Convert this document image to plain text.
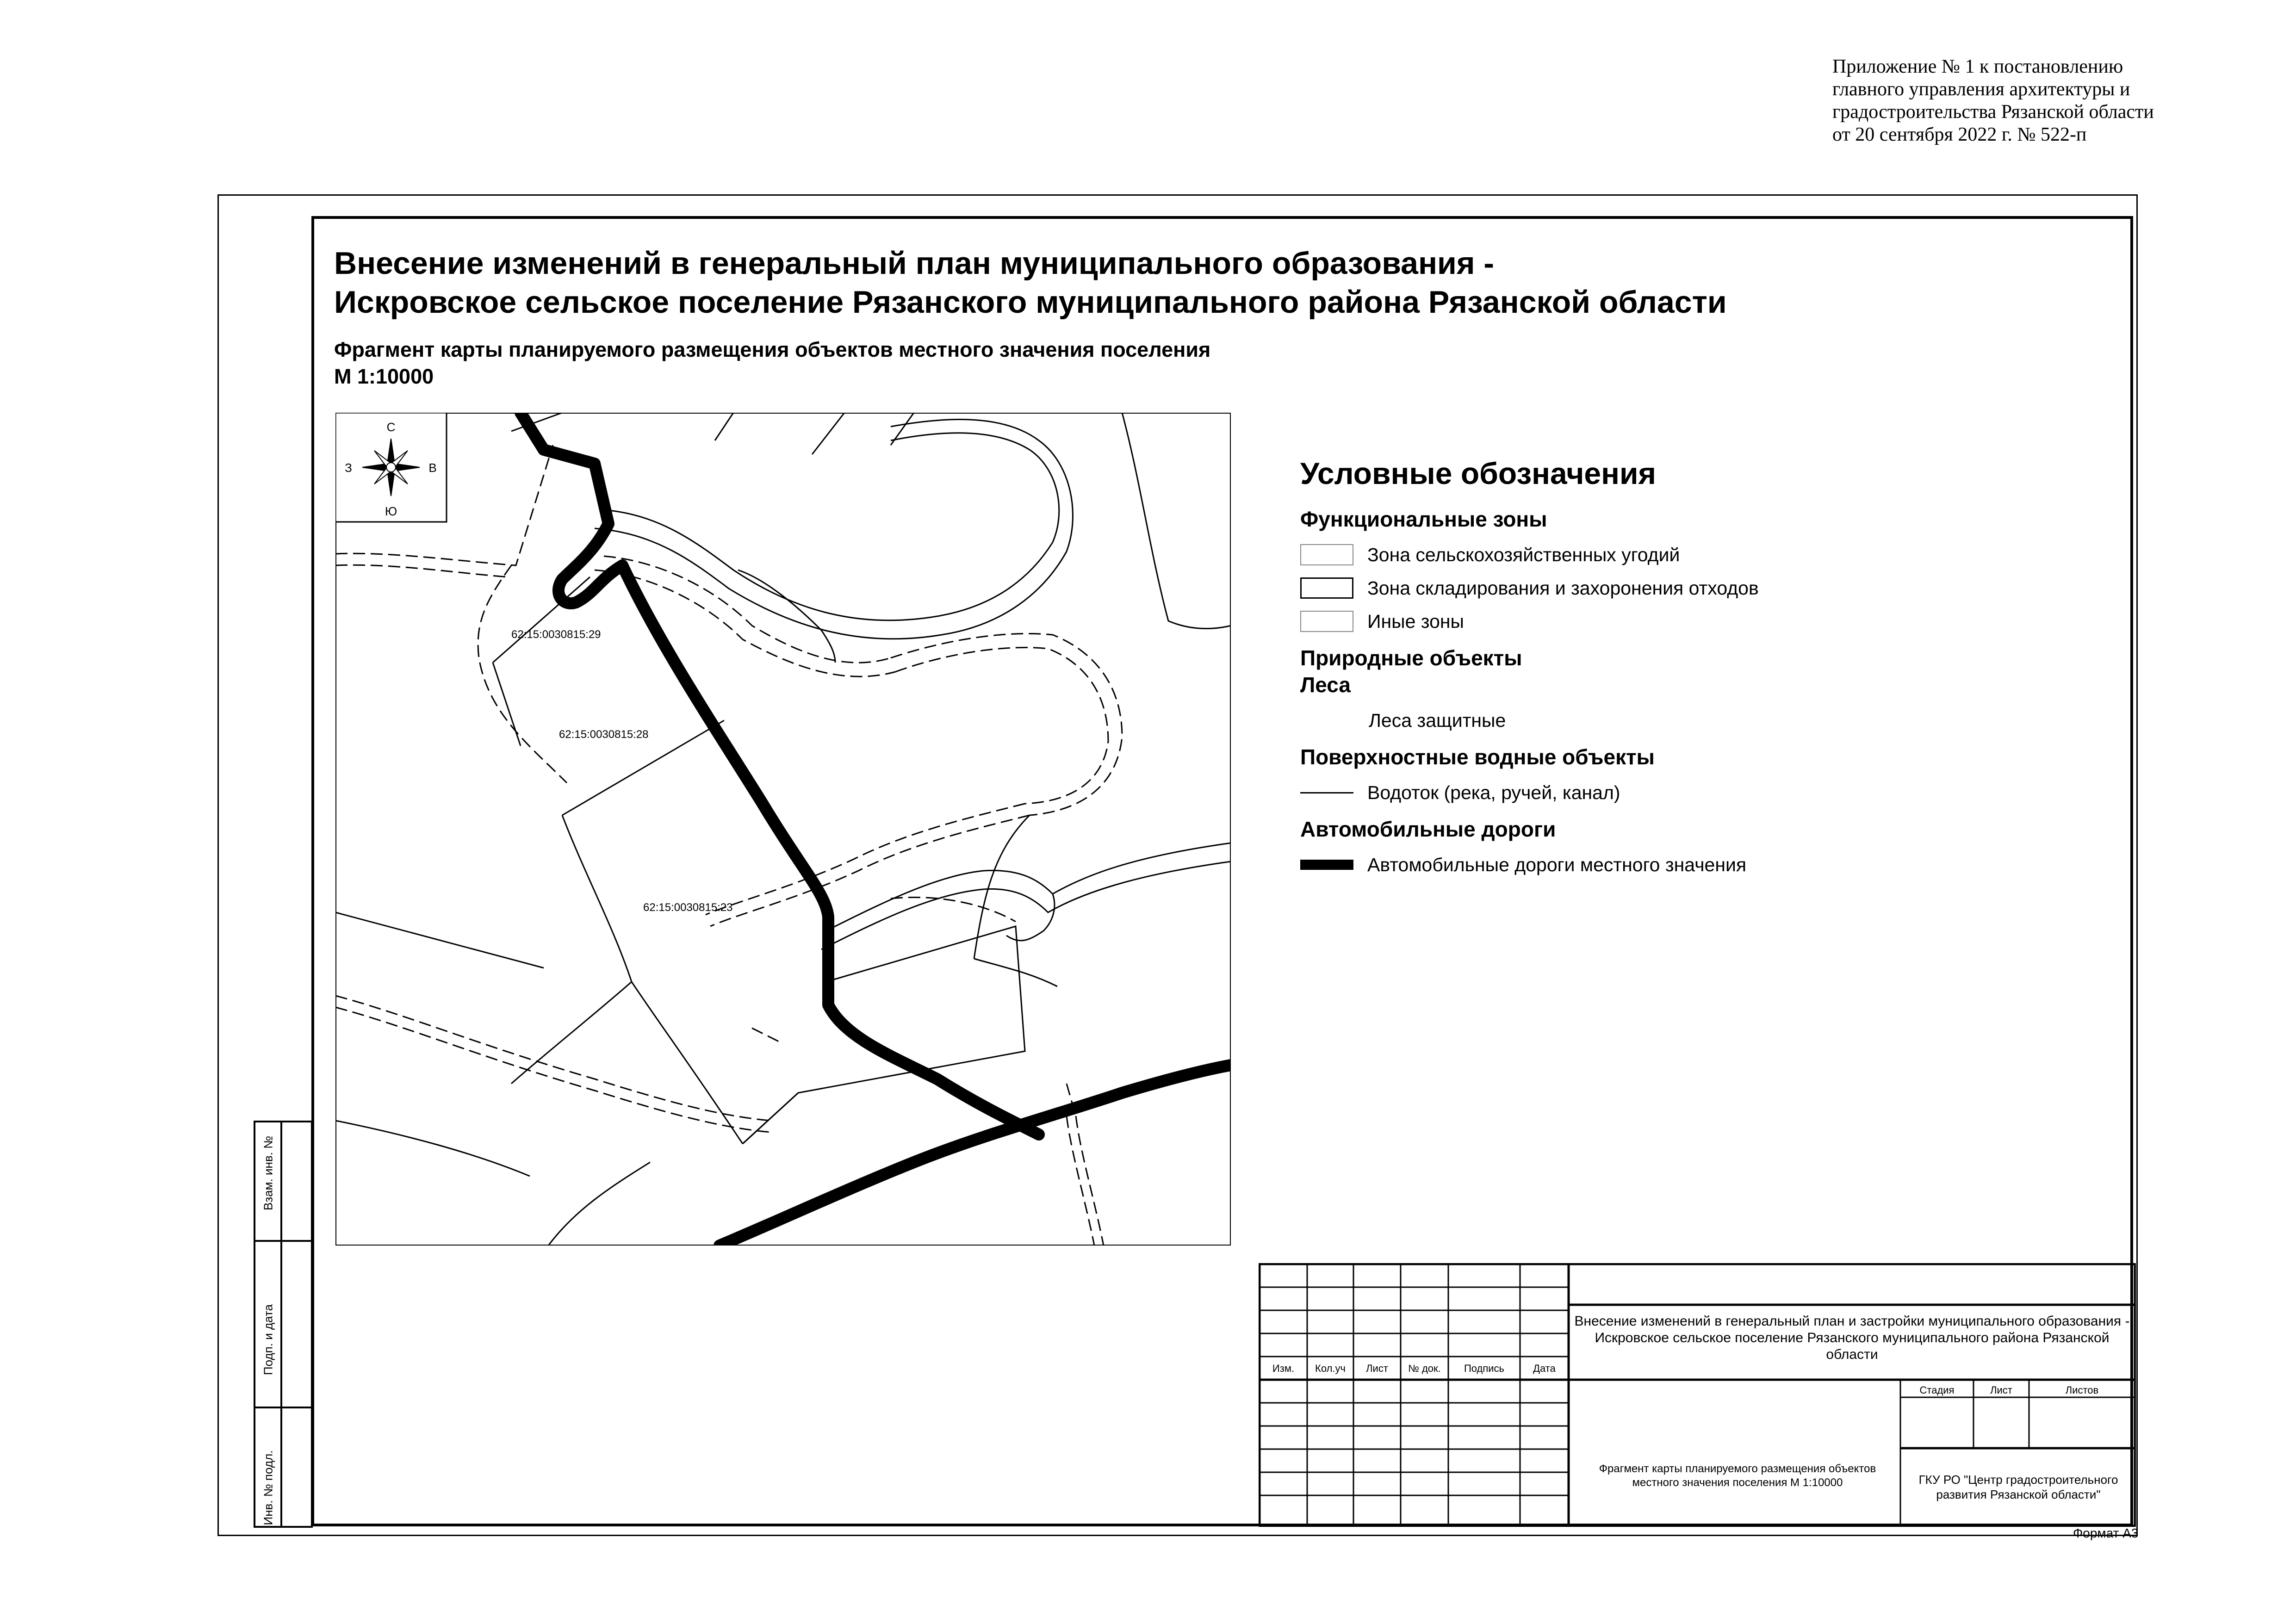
Приложение № 1 к постановлению
главного управления архитектуры и
градостроительства Рязанской области
от 20 сентября 2022 г. № 522-п
Внесение изменений в генеральный план муниципального образования -
Искровское сельское поселение Рязанского муниципального района Рязанской области
Фрагмент карты планируемого размещения объектов местного значения поселения
М 1:10000
С
Ю
В
З
62:15:0030815:29
62:15:0030815:28
62:15:0030815:23
Условные обозначения
Функциональные зоны
Зона сельскохозяйственных угодий
Зона складирования и захоронения отходов
Иные зоны
Природные объекты
Леса
Леса защитные
Поверхностные водные объекты
Водоток (река, ручей, канал)
Автомобильные дороги
Автомобильные дороги местного значения
Взам. инв. №
Подп. и дата
Инв. № подл.
Изм.	Кол.уч	Лист	№ док.	Подпись	Дата
Внесение изменений в генеральный план и застройки муниципального образования - Искровское сельское поселение Рязанского муниципального района Рязанской области
Стадия	Лист	Листов
Фрагмент карты планируемого размещения объектов местного значения поселения М 1:10000	ГКУ РО "Центр градостроительного развития Рязанской области"
Формат А3
